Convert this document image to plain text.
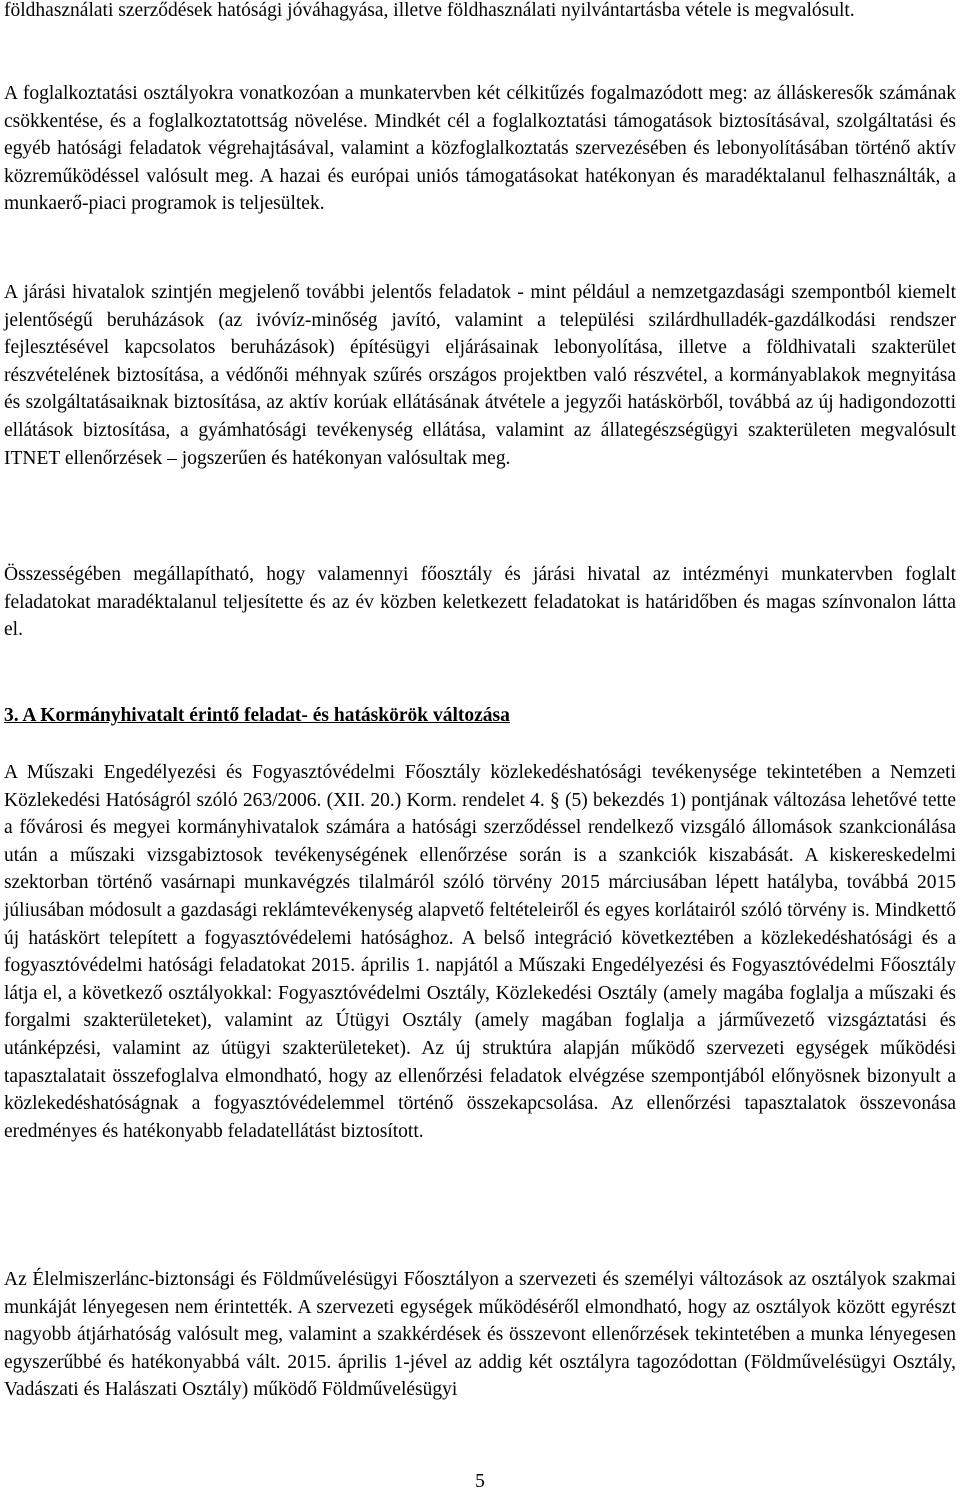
földhasználati szerződések hatósági jóváhagyása, illetve földhasználati nyilvántartásba vétele is megvalósult.

A foglalkoztatási osztályokra vonatkozóan a munkatervben két célkitűzés fogalmazódott meg: az álláskeresők számának csökkentése, és a foglalkoztatottság növelése. Mindkét cél a foglalkoztatási támogatások biztosításával, szolgáltatási és egyéb hatósági feladatok végrehajtásával, valamint a közfoglalkoztatás szervezésében és lebonyolításában történő aktív közreműködéssel valósult meg. A hazai és európai uniós támogatásokat hatékonyan és maradéktalanul felhasználták, a munkaerő-piaci programok is teljesültek.

A járási hivatalok szintjén megjelenő további jelentős feladatok - mint például a nemzetgazdasági szempontból kiemelt jelentőségű beruházások (az ivóvíz-minőség javító, valamint a települési szilárdhulladék-gazdálkodási rendszer fejlesztésével kapcsolatos beruházások) építésügyi eljárásainak lebonyolítása, illetve a földhivatali szakterület részvételének biztosítása, a védőnői méhnyak szűrés országos projektben való részvétel, a kormányablakok megnyitása és szolgáltatásaiknak biztosítása, az aktív korúak ellátásának átvétele a jegyzői hatáskörből, továbbá az új hadigondozotti ellátások biztosítása, a gyámhatósági tevékenység ellátása, valamint az állategészségügyi szakterületen megvalósult ITNET ellenőrzések – jogszerűen és hatékonyan valósultak meg.

Összességében megállapítható, hogy valamennyi főosztály és járási hivatal az intézményi munkatervben foglalt feladatokat maradéktalanul teljesítette és az év közben keletkezett feladatokat is határidőben és magas színvonalon látta el.

3. A Kormányhivatalt érintő feladat- és hatáskörök változása

A Műszaki Engedélyezési és Fogyasztóvédelmi Főosztály közlekedéshatósági tevékenysége tekintetében a Nemzeti Közlekedési Hatóságról szóló 263/2006. (XII. 20.) Korm. rendelet 4. § (5) bekezdés 1) pontjának változása lehetővé tette a fővárosi és megyei kormányhivatalok számára a hatósági szerződéssel rendelkező vizsgáló állomások szankcionálása után a műszaki vizsgabiztosok tevékenységének ellenőrzése során is a szankciók kiszabását. A kiskereskedelmi szektorban történő vasárnapi munkavégzés tilalmáról szóló törvény 2015 márciusában lépett hatályba, továbbá 2015 júliusában módosult a gazdasági reklámtevékenység alapvető feltételeiről és egyes korlátairól szóló törvény is. Mindkettő új hatáskört telepített a fogyasztóvédelemi hatósághoz. A belső integráció következtében a közlekedéshatósági és a fogyasztóvédelmi hatósági feladatokat 2015. április 1. napjától a Műszaki Engedélyezési és Fogyasztóvédelmi Főosztály látja el, a következő osztályokkal: Fogyasztóvédelmi Osztály, Közlekedési Osztály (amely magába foglalja a műszaki és forgalmi szakterületeket), valamint az Útügyi Osztály (amely magában foglalja a járművezető vizsgáztatási és utánképzési, valamint az útügyi szakterületeket). Az új struktúra alapján működő szervezeti egységek működési tapasztalatait összefoglalva elmondható, hogy az ellenőrzési feladatok elvégzése szempontjából előnyösnek bizonyult a közlekedéshatóságnak a fogyasztóvédelemmel történő összekapcsolása. Az ellenőrzési tapasztalatok összevonása eredményes és hatékonyabb feladatellátást biztosított.

Az Élelmiszerlánc-biztonsági és Földművelésügyi Főosztályon a szervezeti és személyi változások az osztályok szakmai munkáját lényegesen nem érintették. A szervezeti egységek működéséről elmondható, hogy az osztályok között egyrészt nagyobb átjárhatóság valósult meg, valamint a szakkérdések és összevont ellenőrzések tekintetében a munka lényegesen egyszerűbbé és hatékonyabbá vált. 2015. április 1-jével az addig két osztályra tagozódottan (Földművelésügyi Osztály, Vadászati és Halászati Osztály) működő Földművelésügyi

5
